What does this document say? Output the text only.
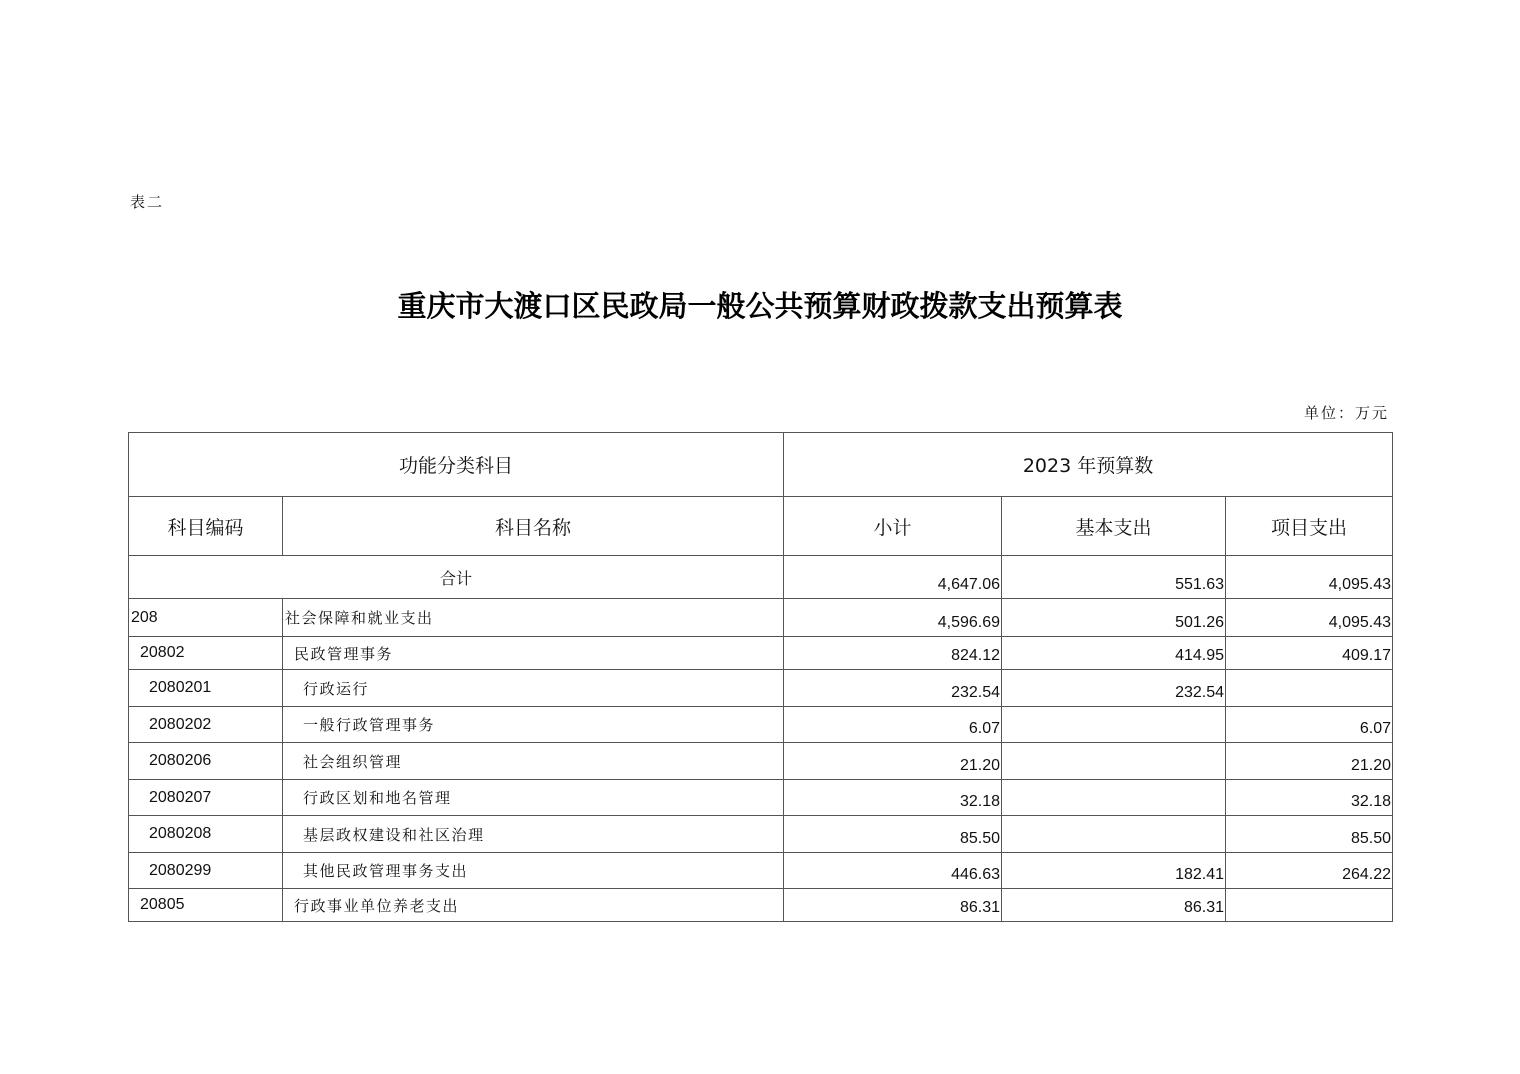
表二
重庆市大渡口区民政局一般公共预算财政拨款支出预算表
单位：万元
功能分类科目		2023 年预算数		
科目编码	科目名称	小计	基本支出	项目支出
合计		4,647.06	551.63	4,095.43
208	社会保障和就业支出	4,596.69	501.26	4,095.43
20802	民政管理事务	824.12	414.95	409.17
2080201	行政运行	232.54	232.54	
2080202	一般行政管理事务	6.07		6.07
2080206	社会组织管理	21.20		21.20
2080207	行政区划和地名管理	32.18		32.18
2080208	基层政权建设和社区治理	85.50		85.50
2080299	其他民政管理事务支出	446.63	182.41	264.22
20805	行政事业单位养老支出	86.31	86.31	
